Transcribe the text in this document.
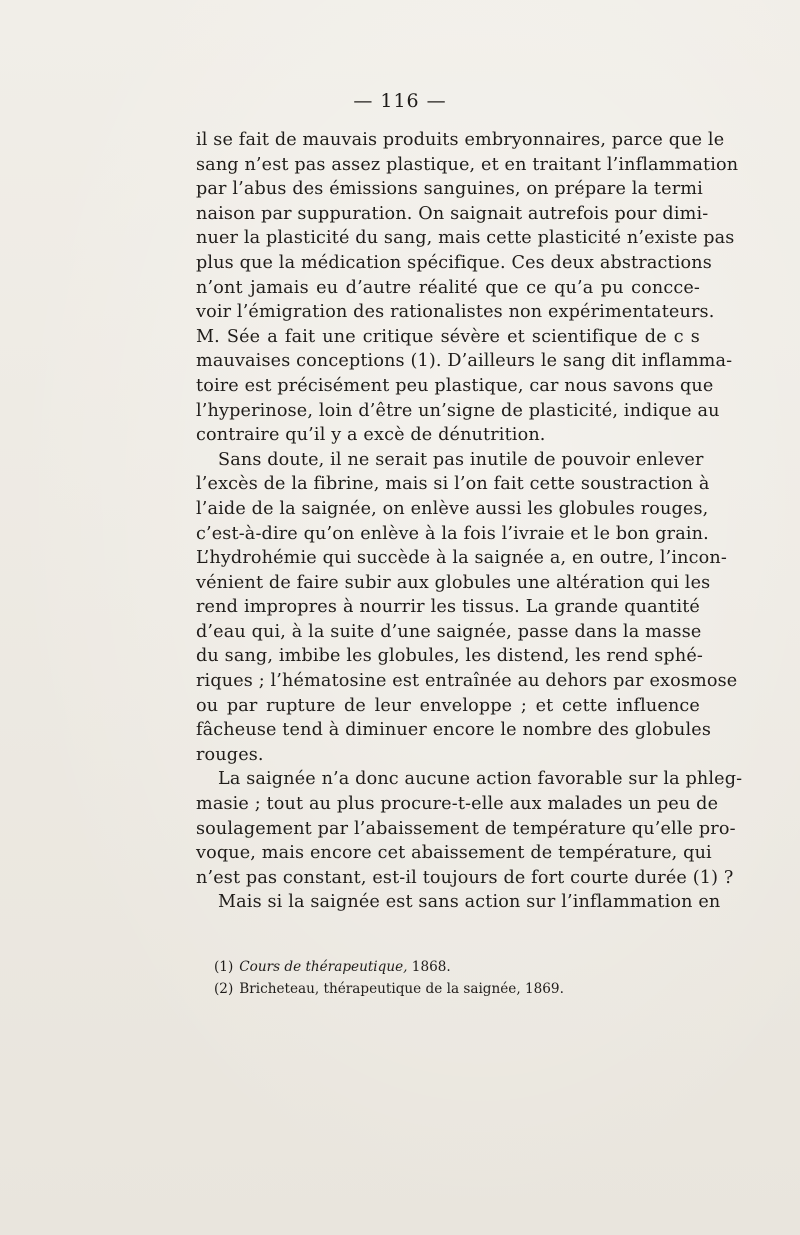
— 116 —
il se fait de mauvais produits embryonnaires, parce que le
sang n’est pas assez plastique, et en traitant l’inflammation
par l’abus des émissions sanguines, on prépare la termi
naison par suppuration. On saignait autrefois pour dimi-
nuer la plasticité du sang, mais cette plasticité n’existe pas
plus que la médication spécifique. Ces deux abstractions
n’ont jamais eu d’autre réalité que ce qu’a pu concce-
voir l’émigration des rationalistes non expérimentateurs.
M. Sée a fait une critique sévère et scientifique de c s
mauvaises conceptions (1). D’ailleurs le sang dit inflamma-
toire est précisément peu plastique, car nous savons que
l’hyperinose, loin d’être un’signe de plasticité, indique au
contraire qu’il y a excè de dénutrition.
Sans doute, il ne serait pas inutile de pouvoir enlever
l’excès de la fibrine, mais si l’on fait cette soustraction à
l’aide de la saignée, on enlève aussi les globules rouges,
c’est-à-dire qu’on enlève à la fois l’ivraie et le bon grain.
L’hydrohémie qui succède à la saignée a, en outre, l’incon-
vénient de faire subir aux globules une altération qui les
rend impropres à nourrir les tissus. La grande quantité
d’eau qui, à la suite d’une saignée, passe dans la masse
du sang, imbibe les globules, les distend, les rend sphé-
riques ; l’hématosine est entraînée au dehors par exosmose
ou par rupture de leur enveloppe ; et cette influence
fâcheuse tend à diminuer encore le nombre des globules
rouges.
La saignée n’a donc aucune action favorable sur la phleg-
masie ; tout au plus procure-t-elle aux malades un peu de
soulagement par l’abaissement de température qu’elle pro-
voque, mais encore cet abaissement de température, qui
n’est pas constant, est-il toujours de fort courte durée (1) ?
Mais si la saignée est sans action sur l’inflammation en
(1) Cours de thérapeutique, 1868.
(2) Bricheteau, thérapeutique de la saignée, 1869.
